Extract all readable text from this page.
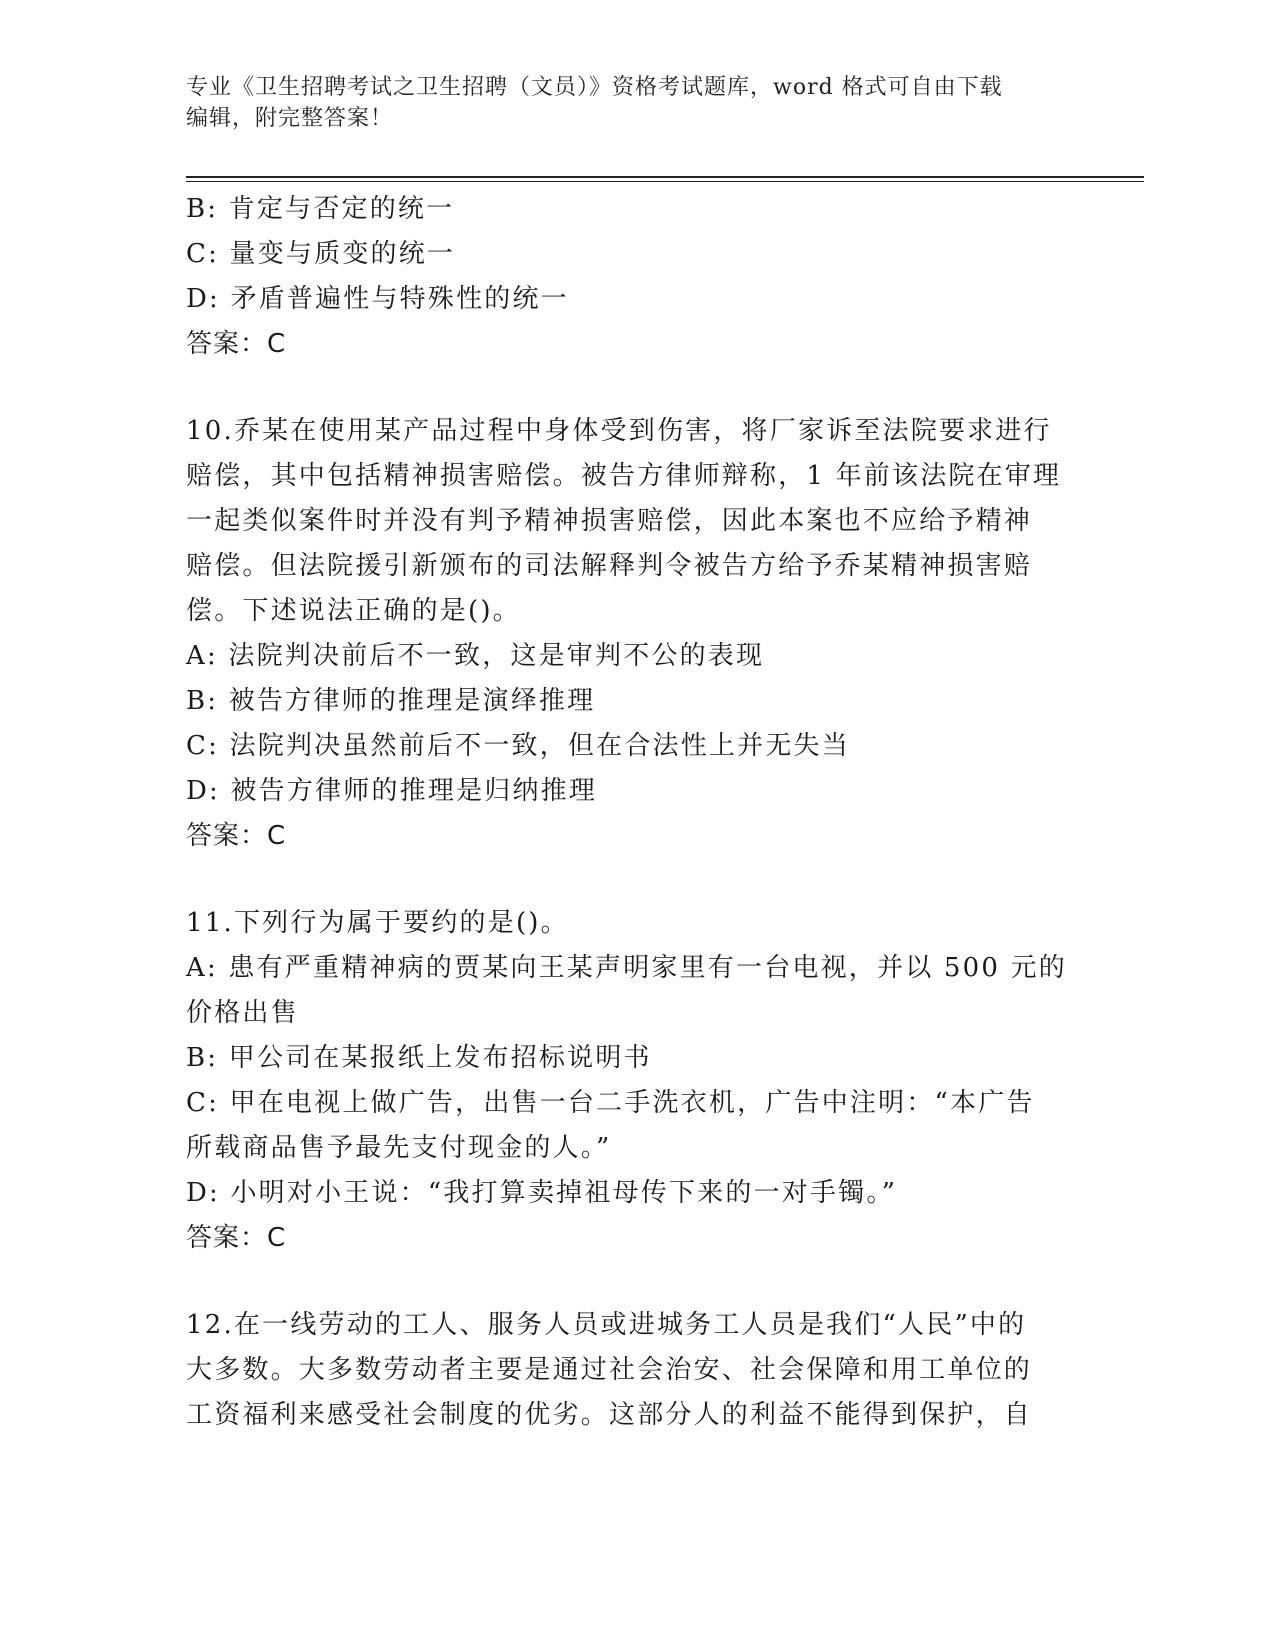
专业《卫生招聘考试之卫生招聘（文员）》资格考试题库，word 格式可自由下载
编辑，附完整答案！
B: 肯定与否定的统一
C: 量变与质变的统一
D: 矛盾普遍性与特殊性的统一
答案：C
10.乔某在使用某产品过程中身体受到伤害，将厂家诉至法院要求进行
赔偿，其中包括精神损害赔偿。被告方律师辩称，1 年前该法院在审理
一起类似案件时并没有判予精神损害赔偿，因此本案也不应给予精神
赔偿。但法院援引新颁布的司法解释判令被告方给予乔某精神损害赔
偿。下述说法正确的是()。
A: 法院判决前后不一致，这是审判不公的表现
B: 被告方律师的推理是演绎推理
C: 法院判决虽然前后不一致，但在合法性上并无失当
D: 被告方律师的推理是归纳推理
答案：C
11.下列行为属于要约的是()。
A: 患有严重精神病的贾某向王某声明家里有一台电视，并以 500 元的
价格出售
B: 甲公司在某报纸上发布招标说明书
C: 甲在电视上做广告，出售一台二手洗衣机，广告中注明：“本广告
所载商品售予最先支付现金的人。”
D: 小明对小王说：“我打算卖掉祖母传下来的一对手镯。”
答案：C
12.在一线劳动的工人、服务人员或进城务工人员是我们“人民”中的
大多数。大多数劳动者主要是通过社会治安、社会保障和用工单位的
工资福利来感受社会制度的优劣。这部分人的利益不能得到保护，自
